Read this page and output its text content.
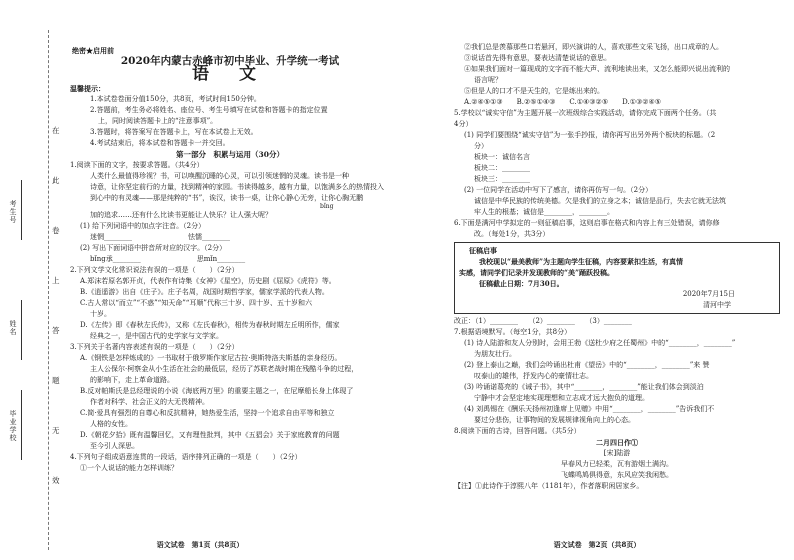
在
此
卷
上
答
题
无
效
考生号
姓名
毕业学校
绝密★启用前

2020年内蒙古赤峰市初中毕业、升学统一考试

语 文

温馨提示：

1.本试卷卷面分值150分，共8页，考试时间150分钟。

2.答题前，考生务必将姓名、座位号、考生号填写在试卷和答题卡的指定位置

上，同时阅读答题卡上的“注意事项”。

3.答题时，将答案写在答题卡上，写在本试卷上无效。

4.考试结束后，将本试卷和答题卡一并交回。

第一部分　积累与运用（30分）

1.阅读下面的文字，按要求答题。（共4分）

人类什么最值得珍视？书，可以唤醒沉睡的心灵，可以引领迷惘的灵魂。读书是一种

诗意，让你坚定前行的力量，找到精神的家园。书读得越多，越有力量，以饱满多么的热情投入

到心中的有灵魂——那是纯粹的“书”，诶汉，读书一桌，让你心静心无旁，让你心胸无鹏

bǐng

加的追求……还有什么比读书更能让人快乐？让人强大呢？

(1) 给下列词语中的加点字注音。（2分）

迷惘________　　　　　　　　怯懦________

(2) 写出下面词语中拼音所对应的汉字。（2分）

bǐng承________　　　　　　　　思mǐn________

2.下列文学文化常识说法有误的一项是（　　）（2分）

A.郑沫若原名郭开贞，代表作有诗集《女神》《星空》，历史剧《屈原》《虎符》等。

B.《逍遥游》出自《庄子》。庄子名周，战国时期哲学家，儒家学派的代表人物。

C.古人常以“而立”“不惑”“知天命”“耳顺”代称三十岁、四十岁、五十岁和六

十岁。

D.《左传》即《春秋左氏传》，又称《左氏春秋》，相传为春秋时期左丘明所作，儒家

经典之一，是中国古代的史学家与文学家。

3.下列关于名著内容表述有误的一项是（　　）（2分）

A.《钢铁是怎样炼成的》一书取材于俄罗斯作家尼古拉·奥斯特洛夫斯基的亲身经历。

主人公保尔·柯察金从小生活在社会的最低层，经历了苏联老战时期在残酷斗争的过程，

的影响下，走上革命道路。

B.反对帕斯氏是总经理说的小说《海底两万里》的重要主题之一，在尼摩船长身上体现了

作者对科学、社会正义的大无畏精神。

C.简·爱具有强烈的自尊心和反抗精神，她热爱生活，坚持一个追求自由平等和独立

人格的女性。

D.《朝花夕拾》既有温馨回忆，又有理性批判，其中《五猖会》关于家庭教育的问题

至今引人深思。

4.下列句子组成语意连贯的一段话，语序排列正确的一项是（　　）（2分）

①一个人说话的能力怎样训练？

语文试卷　第1页（共8页）

②我们总是羡慕那些口若悬河，即兴演讲的人，喜欢那些文采飞扬，出口成章的人。

③说话首先得有意思，要表达清楚说话的意思。

④如果我们面对一篇现成的文字而不能大声、流利地读出来，又怎么能即兴说出流利的

语言呢？

⑤但是人的口才不是天生的，它是练出来的。

A.②④⑤①③　　B.②⑤①④③　　C.①④③②⑤　　D.①③②④⑤

5.学校以“诚实守信”为主题开展一次班级综合实践活动，请你完成下面两个任务。（共

4分）

(1) 同学们要围绕“诚实守信”为一张手抄报，请你再写出另外两个板块的标题。（2

分）

板块一：诚信名言

板块二：________

板块三：________

(2) 一位同学在活动中写下了感言，请你再仿写一句。（2分）

诚信是中华民族的传统美德。欠是我们的立身之本；诚信是品行，失去它就无法筑

牢人生的根基；诚信是________，________。

6.下面是满河中学拟定的一则征稿启事，这则启事在格式和内容上有三处错误，请你修

改。（每处1分，共3分）

征稿启事

我校现以“最美教师”为主题向学生征稿，内容要紧扣生活，有真情

实感，请同学们记录并发现教师的“美”踊跃投稿。

征稿截止日期：7月30日。

2020年7月15日

清河中学

改正：（1）________　　（2）________　　（3）________

7.根据语境默写。（每空1分，共8分）

(1) 诗人陆游和友人分别时，会用王勃《送杜少府之任蜀州》中的“________，________”

为朋友壮行。

(2) 登上泰山之巅，我们会吟诵出杜甫《望岳》中的“________，________”来 赞

叹泰山的雄伟，抒发内心的豪情壮志。

(3) 吟诵诺葛亮的《诫子书》，其中“________，________”能让我们体会到淡泊

宁静中才会坚定地实现理想和立志成才远大抱负的道理。

(4) 刘禹锡在《酬乐天扬州初逢席上见赠》中用“________，________”告诉我们不

要过分悲伤，让事物间的发展规律视角向上的心态。

8.阅读下面的古诗，回答问题。（共5分）

二月四日作①

[宋]陆游

早春风力已轻柔，瓦有游烟土满沟。

飞蝶鸣鸠俱得意，东风应笑我闲愁。

【注】①此诗作于淳熙八年（1181年），作者落职闲居家乡。

语文试卷　第2页（共8页）
